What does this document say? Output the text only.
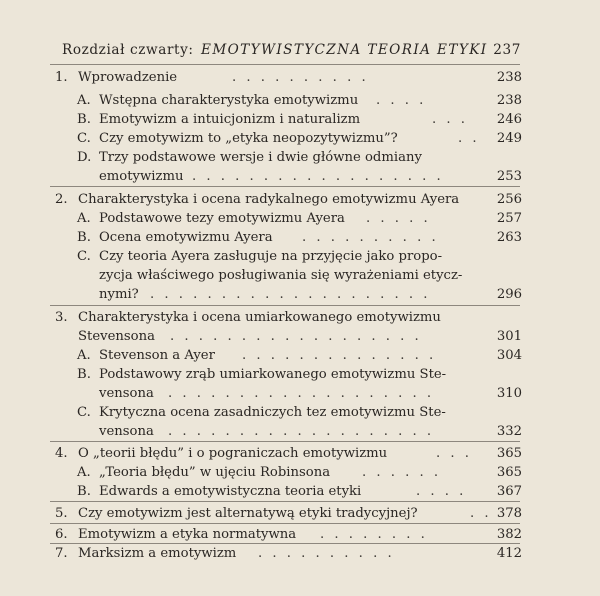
Rozdział czwarty: EMOTYWISTYCZNA TEORIA ETYKI 237
1. Wprowadzenie	. . . . . . . . . .	238
A. Wstępna charakterystyka emotywizmu . . . .	238
B. Emotywizm a intuicjonizm i naturalizm	. . . 246
C. Czy emotywizm to „etyka neopozytywizmu”?	. . 249
D. Trzy podstawowe wersje i dwie główne odmiany
emotywizmu . . . . . . . . . . . . . . . . . .	253
2. Charakterystyka i ocena radykalnego emotywizmu Ayera	256
A. Podstawowe tezy emotywizmu Ayera . . . . .	257
B. Ocena emotywizmu Ayera . . . . . . . . . .	263
C. Czy teoria Ayera zasługuje na przyjęcie jako propo-
zycja właściwego posługiwania się wyrażeniami etycz-
nymi? . . . . . . . . . . . . . . . . . . . .	296
3. Charakterystyka i ocena umiarkowanego emotywizmu
Stevensona . . . . . . . . . . . . . . . . . .	301
A. Stevenson a Ayer . . . . . . . . . . . . . .	304
B. Podstawowy zrąb umiarkowanego emotywizmu Ste-
vensona . . . . . . . . . . . . . . . . . . .	310
C. Krytyczna ocena zasadniczych tez emotywizmu Ste-
vensona . . . . . . . . . . . . . . . . . . .	332
4. O „teorii błędu” i o pograniczach emotywizmu	. . . 365
A. „Teoria błędu” w ujęciu Robinsona . . . . . .	365
B. Edwards a emotywistyczna teoria etyki	. . . . 367
5. Czy emotywizm jest alternatywą etyki tradycyjnej?	. . 378
6. Emotywizm a etyka normatywna . . . . . . . .	382
7. Marksizm a emotywizm . . . . . . . . . .	412
